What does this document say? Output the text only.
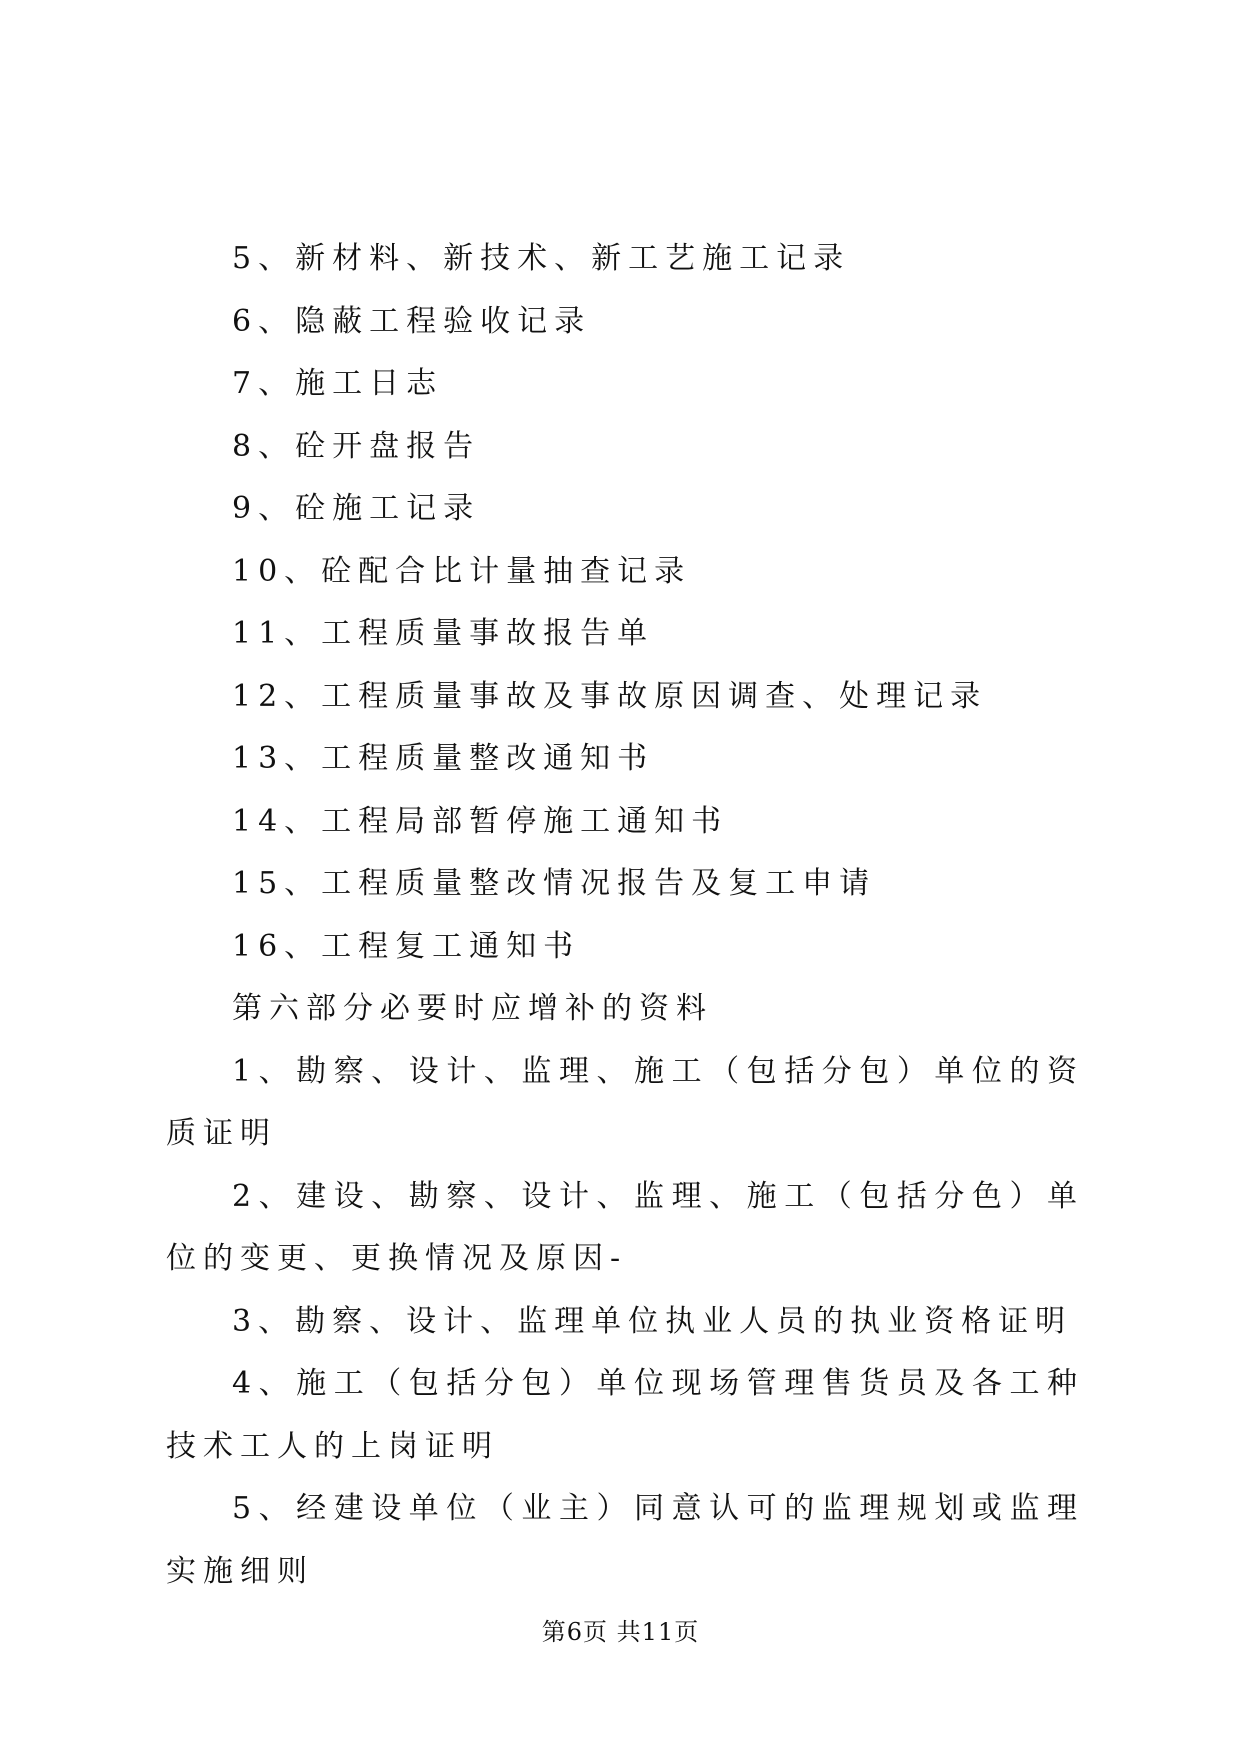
5、新材料、新技术、新工艺施工记录

6、隐蔽工程验收记录

7、施工日志

8、砼开盘报告

9、砼施工记录

10、砼配合比计量抽查记录

11、工程质量事故报告单

12、工程质量事故及事故原因调查、处理记录

13、工程质量整改通知书

14、工程局部暂停施工通知书

15、工程质量整改情况报告及复工申请

16、工程复工通知书

第六部分必要时应增补的资料

1、勘察、设计、监理、施工（包括分包）单位的资质证明

2、建设、勘察、设计、监理、施工（包括分色）单位的变更、更换情况及原因-

3、勘察、设计、监理单位执业人员的执业资格证明

4、施工（包括分包）单位现场管理售货员及各工种技术工人的上岗证明

5、经建设单位（业主）同意认可的监理规划或监理实施细则

第6页 共11页
